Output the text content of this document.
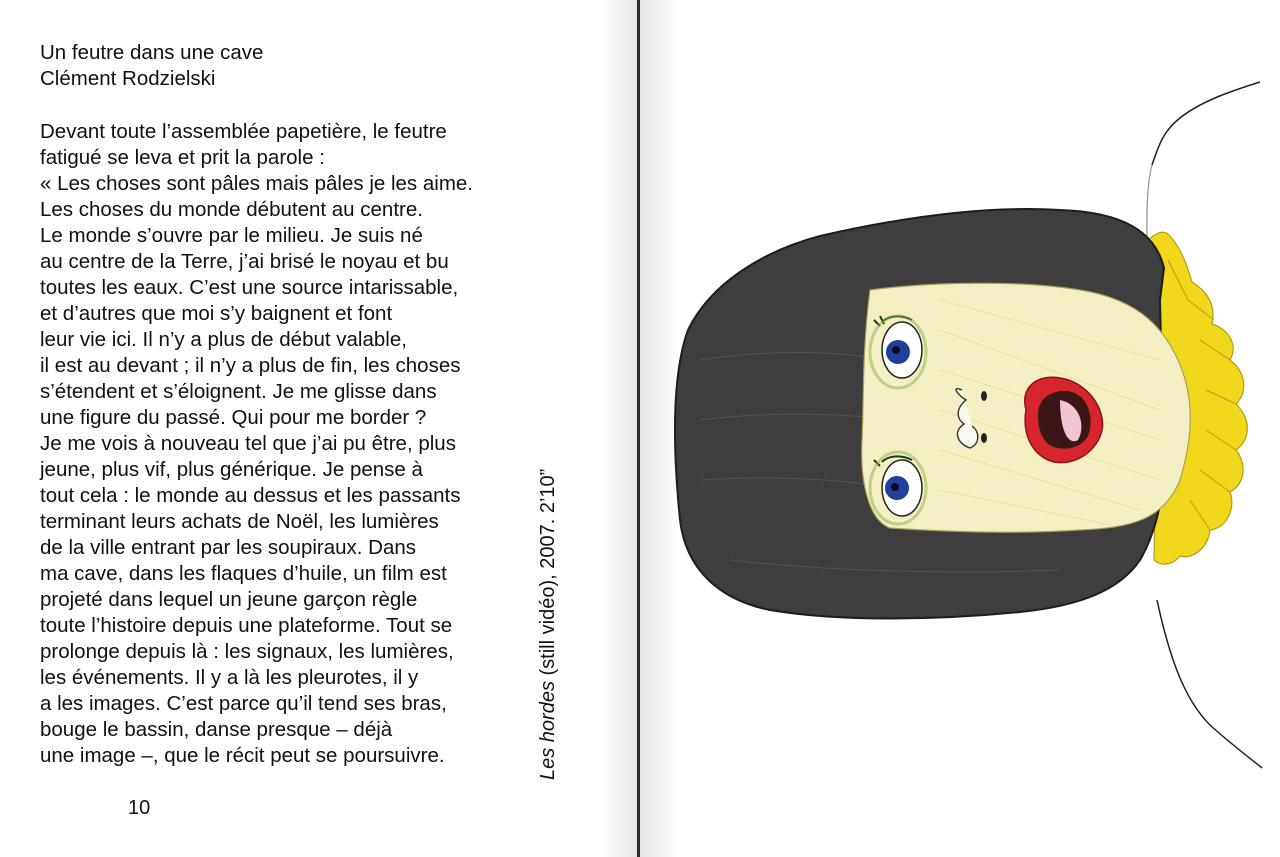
Un feutre dans une cave
Clément Rodzielski
Devant toute l’assemblée papetière, le feutre
fatigué se leva et prit la parole :
« Les choses sont pâles mais pâles je les aime.
Les choses du monde débutent au centre.
Le monde s’ouvre par le milieu. Je suis né
au centre de la Terre, j’ai brisé le noyau et bu
toutes les eaux. C’est une source intarissable,
et d’autres que moi s’y baignent et font
leur vie ici. Il n’y a plus de début valable,
il est au devant ; il n’y a plus de fin, les choses
s’étendent et s’éloignent. Je me glisse dans
une figure du passé. Qui pour me border ?
Je me vois à nouveau tel que j’ai pu être, plus
jeune, plus vif, plus générique. Je pense à
tout cela : le monde au dessus et les passants
terminant leurs achats de Noël, les lumières
de la ville entrant par les soupiraux. Dans
ma cave, dans les flaques d’huile, un film est
projeté dans lequel un jeune garçon règle
toute l’histoire depuis une plateforme. Tout se
prolonge depuis là : les signaux, les lumières,
les événements. Il y a là les pleurotes, il y
a les images. C’est parce qu’il tend ses bras,
bouge le bassin, danse presque – déjà
une image –, que le récit peut se poursuivre.	Les hordes (still vidéo), 2007. 2’10”
10
